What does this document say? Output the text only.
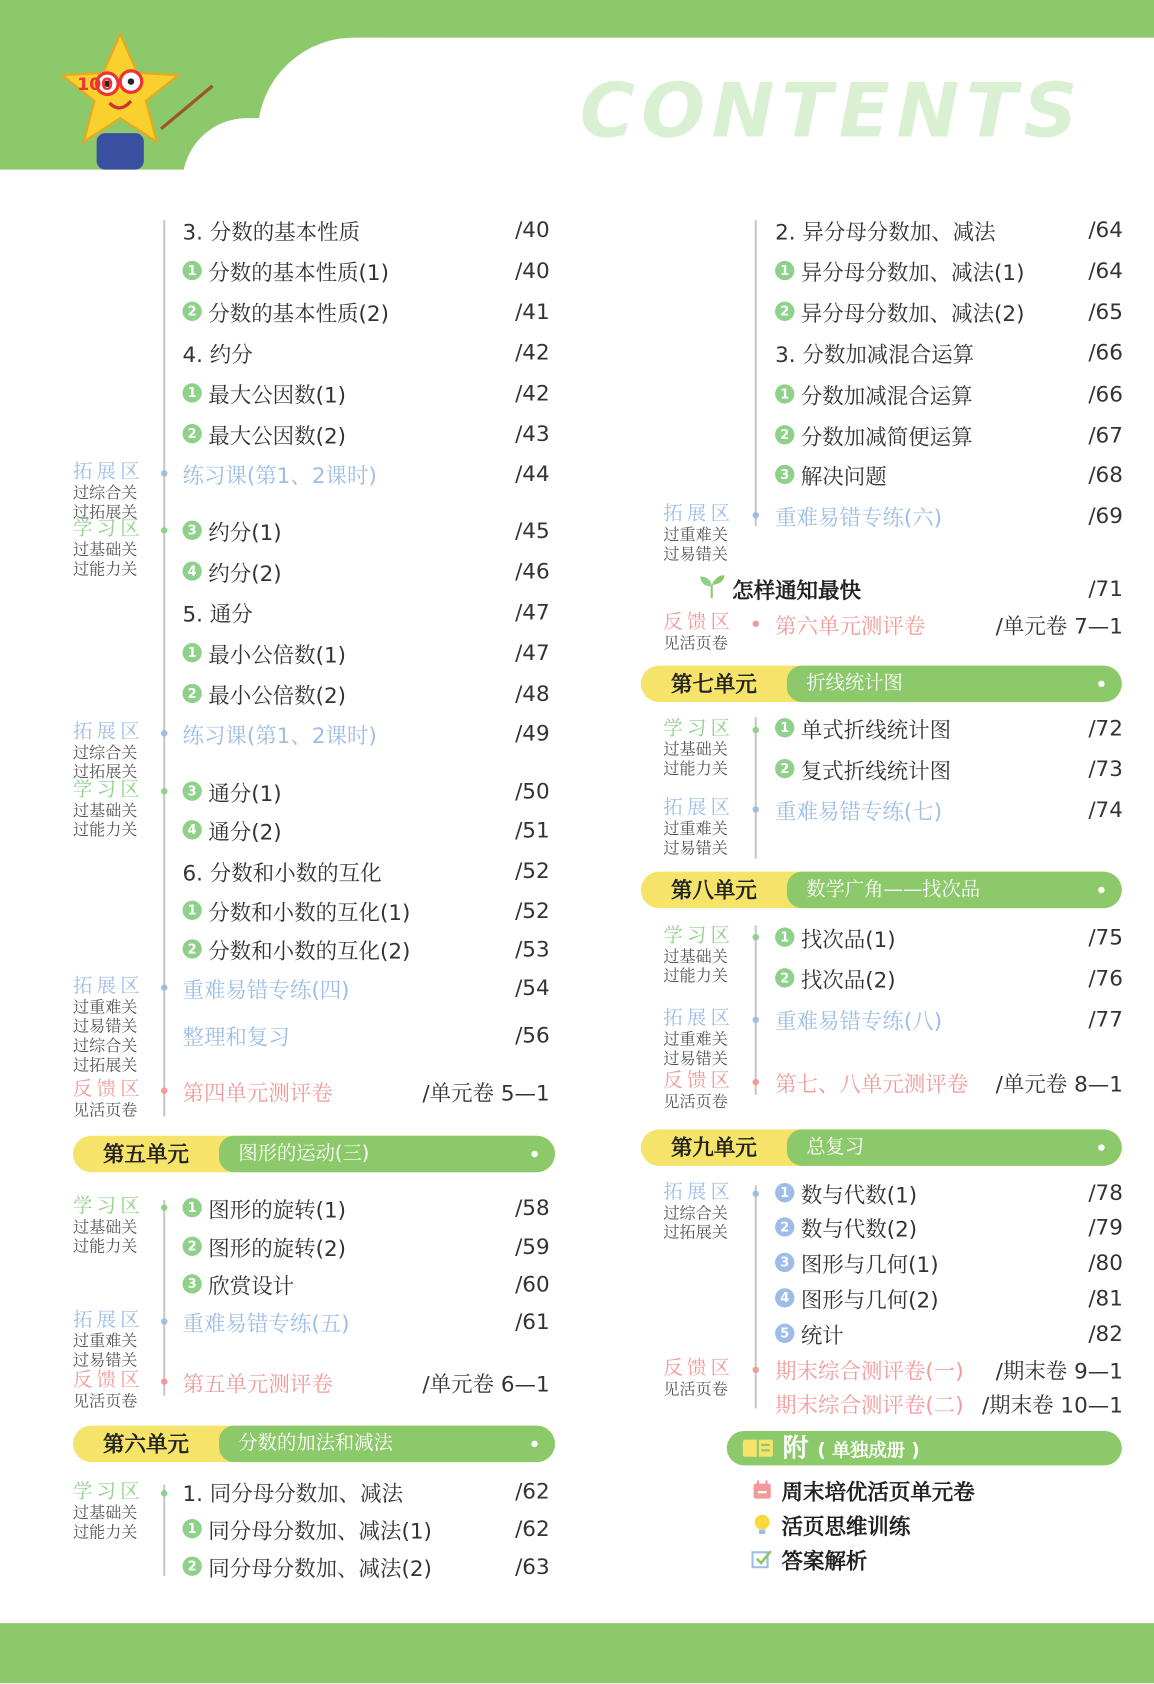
CONTENTS
100
3. 分数的基本性质	/40
1 分数的基本性质(1)	/40
2 分数的基本性质(2)	/41
4. 约分	/42
1 最大公因数(1)	/42
2 最大公因数(2)	/43
练习课(第1、2课时)	/44
3 约分(1)	/45
4 约分(2)	/46
5. 通分	/47
1 最小公倍数(1)	/47
2 最小公倍数(2)	/48
练习课(第1、2课时)	/49
3 通分(1)	/50
4 通分(2)	/51
6. 分数和小数的互化	/52
1 分数和小数的互化(1)	/52
2 分数和小数的互化(2)	/53
重难易错专练(四)	/54
整理和复习	/56
第四单元测评卷	/单元卷 5—1
第五单元	图形的运动(三)
1 图形的旋转(1)	/58
2 图形的旋转(2)	/59
3 欣赏设计	/60
重难易错专练(五)	/61
第五单元测评卷	/单元卷 6—1
第六单元	分数的加法和减法
1. 同分母分数加、减法	/62
1 同分母分数加、减法(1)	/62
2 同分母分数加、减法(2)	/63
拓展区
过综合关
过拓展关
学习区
过基础关
过能力关
拓展区
过综合关
过拓展关
学习区
过基础关
过能力关
拓展区
过重难关
过易错关
过综合关
过拓展关
反馈区
见活页卷
学习区
过基础关
过能力关
拓展区
过重难关
过易错关
反馈区
见活页卷
学习区
过基础关
过能力关
2. 异分母分数加、减法	/64
1 异分母分数加、减法(1)	/64
2 异分母分数加、减法(2)	/65
3. 分数加减混合运算	/66
1 分数加减混合运算	/66
2 分数加减简便运算	/67
3 解决问题	/68
重难易错专练(六)	/69
怎样通知最快	/71
第六单元测评卷	/单元卷 7—1
第七单元	折线统计图
1 单式折线统计图	/72
2 复式折线统计图	/73
重难易错专练(七)	/74
第八单元	数学广角——找次品
1 找次品(1)	/75
2 找次品(2)	/76
重难易错专练(八)	/77
第七、八单元测评卷 /单元卷 8—1
第九单元	总复习
1 数与代数(1)	/78
2 数与代数(2)	/79
3 图形与几何(1)	/80
4 图形与几何(2)	/81
5 统计	/82
期末综合测评卷(一) /期末卷 9—1
期末综合测评卷(二) /期末卷 10—1
拓展区
过重难关
过易错关
反馈区
见活页卷
学习区
过基础关
过能力关
拓展区
过重难关
过易错关
学习区
过基础关
过能力关
拓展区
过重难关
过易错关
反馈区
见活页卷
拓展区
过综合关
过拓展关
反馈区
见活页卷
附 ( 单独成册 )
周末培优活页单元卷
活页思维训练
答案解析
